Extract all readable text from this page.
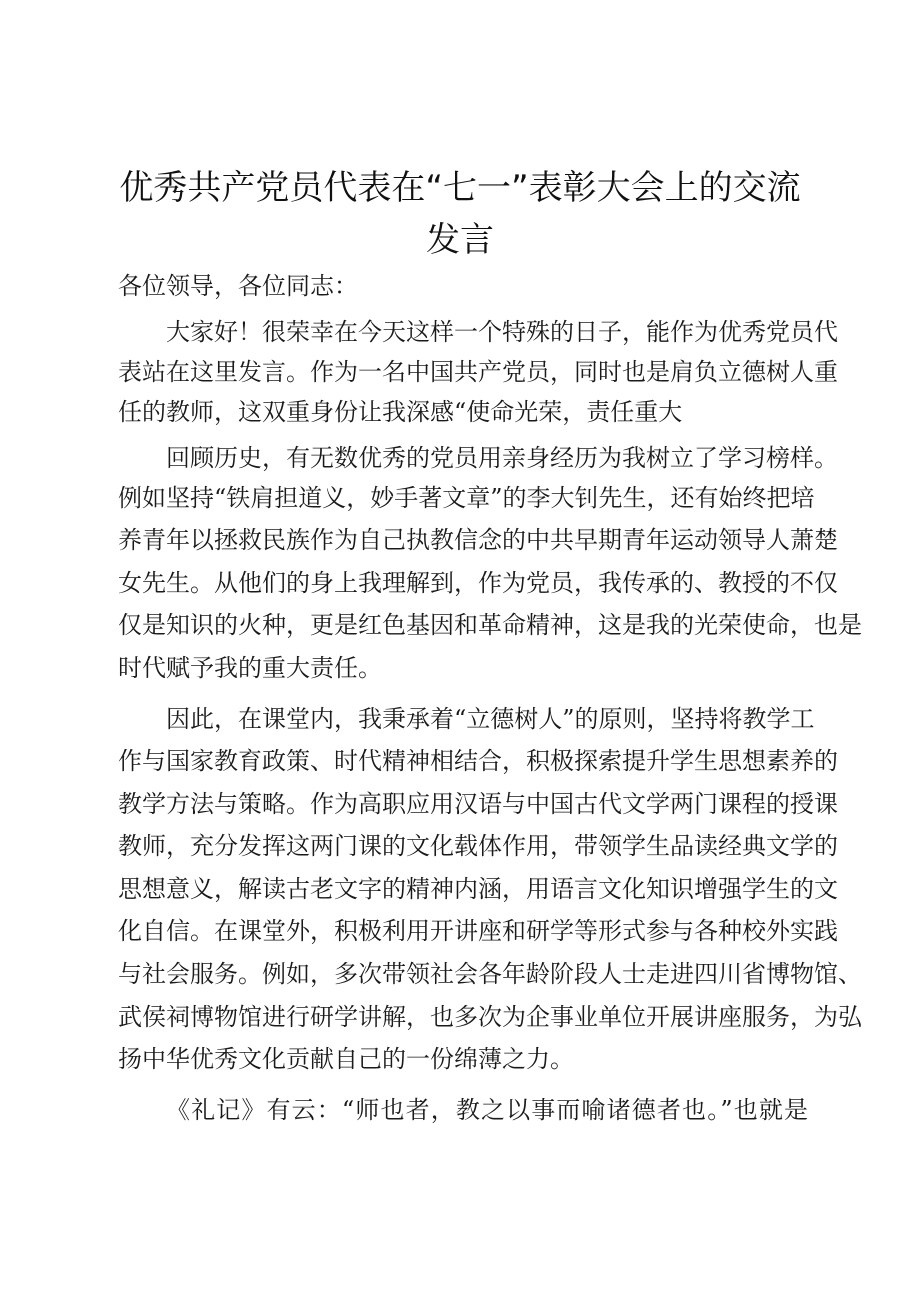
优秀共产党员代表在“七一”表彰大会上的交流
发言
各位领导，各位同志：
大家好！很荣幸在今天这样一个特殊的日子，能作为优秀党员代
表站在这里发言。作为一名中国共产党员，同时也是肩负立德树人重
任的教师，这双重身份让我深感“使命光荣，责任重大
回顾历史，有无数优秀的党员用亲身经历为我树立了学习榜样。
例如坚持“铁肩担道义，妙手著文章”的李大钊先生，还有始终把培
养青年以拯救民族作为自己执教信念的中共早期青年运动领导人萧楚
女先生。从他们的身上我理解到，作为党员，我传承的、教授的不仅
仅是知识的火种，更是红色基因和革命精神，这是我的光荣使命，也是
时代赋予我的重大责任。
因此，在课堂内，我秉承着“立德树人”的原则，坚持将教学工
作与国家教育政策、时代精神相结合，积极探索提升学生思想素养的
教学方法与策略。作为高职应用汉语与中国古代文学两门课程的授课
教师，充分发挥这两门课的文化载体作用，带领学生品读经典文学的
思想意义，解读古老文字的精神内涵，用语言文化知识增强学生的文
化自信。在课堂外，积极利用开讲座和研学等形式参与各种校外实践
与社会服务。例如，多次带领社会各年龄阶段人士走进四川省博物馆、
武侯祠博物馆进行研学讲解，也多次为企事业单位开展讲座服务，为弘
扬中华优秀文化贡献自己的一份绵薄之力。
《礼记》有云：“师也者，教之以事而喻诸德者也。”也就是
